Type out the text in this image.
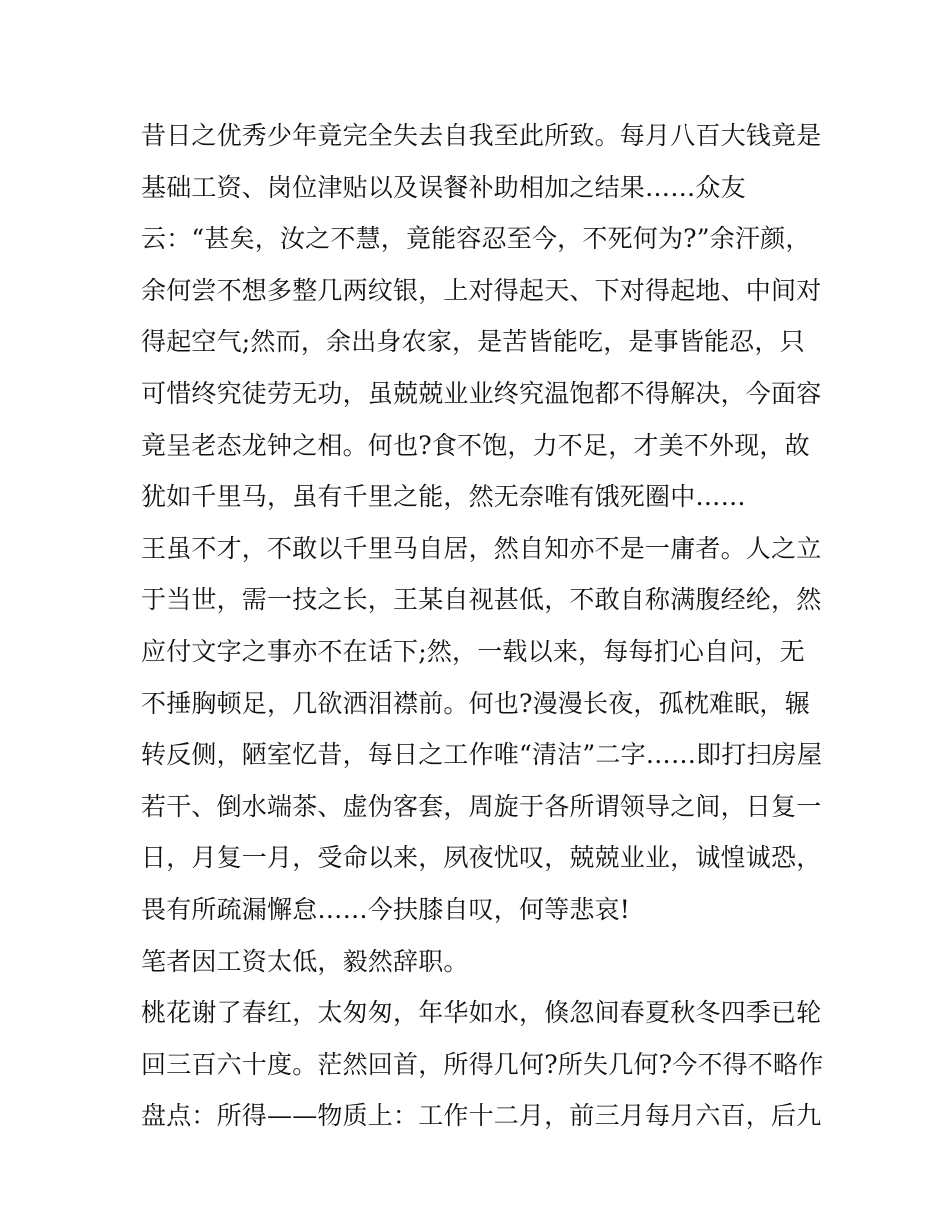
昔日之优秀少年竟完全失去自我至此所致。每月八百大钱竟是
基础工资、岗位津贴以及误餐补助相加之结果……众友
云：“甚矣，汝之不慧，竟能容忍至今，不死何为?”余汗颜，
余何尝不想多整几两纹银，上对得起天、下对得起地、中间对
得起空气;然而，余出身农家，是苦皆能吃，是事皆能忍，只
可惜终究徒劳无功，虽兢兢业业终究温饱都不得解决，今面容
竟呈老态龙钟之相。何也?食不饱，力不足，才美不外现，故
犹如千里马，虽有千里之能，然无奈唯有饿死圈中……
王虽不才，不敢以千里马自居，然自知亦不是一庸者。人之立
于当世，需一技之长，王某自视甚低，不敢自称满腹经纶，然
应付文字之事亦不在话下;然，一载以来，每每扪心自问，无
不捶胸顿足，几欲洒泪襟前。何也?漫漫长夜，孤枕难眠，辗
转反侧，陋室忆昔，每日之工作唯“清洁”二字……即打扫房屋
若干、倒水端茶、虚伪客套，周旋于各所谓领导之间，日复一
日，月复一月，受命以来，夙夜忧叹，兢兢业业，诚惶诚恐，
畏有所疏漏懈怠……今扶膝自叹，何等悲哀!
笔者因工资太低，毅然辞职。
桃花谢了春红，太匆匆，年华如水，倏忽间春夏秋冬四季已轮
回三百六十度。茫然回首，所得几何?所失几何?今不得不略作
盘点：所得——物质上：工作十二月，前三月每月六百，后九
